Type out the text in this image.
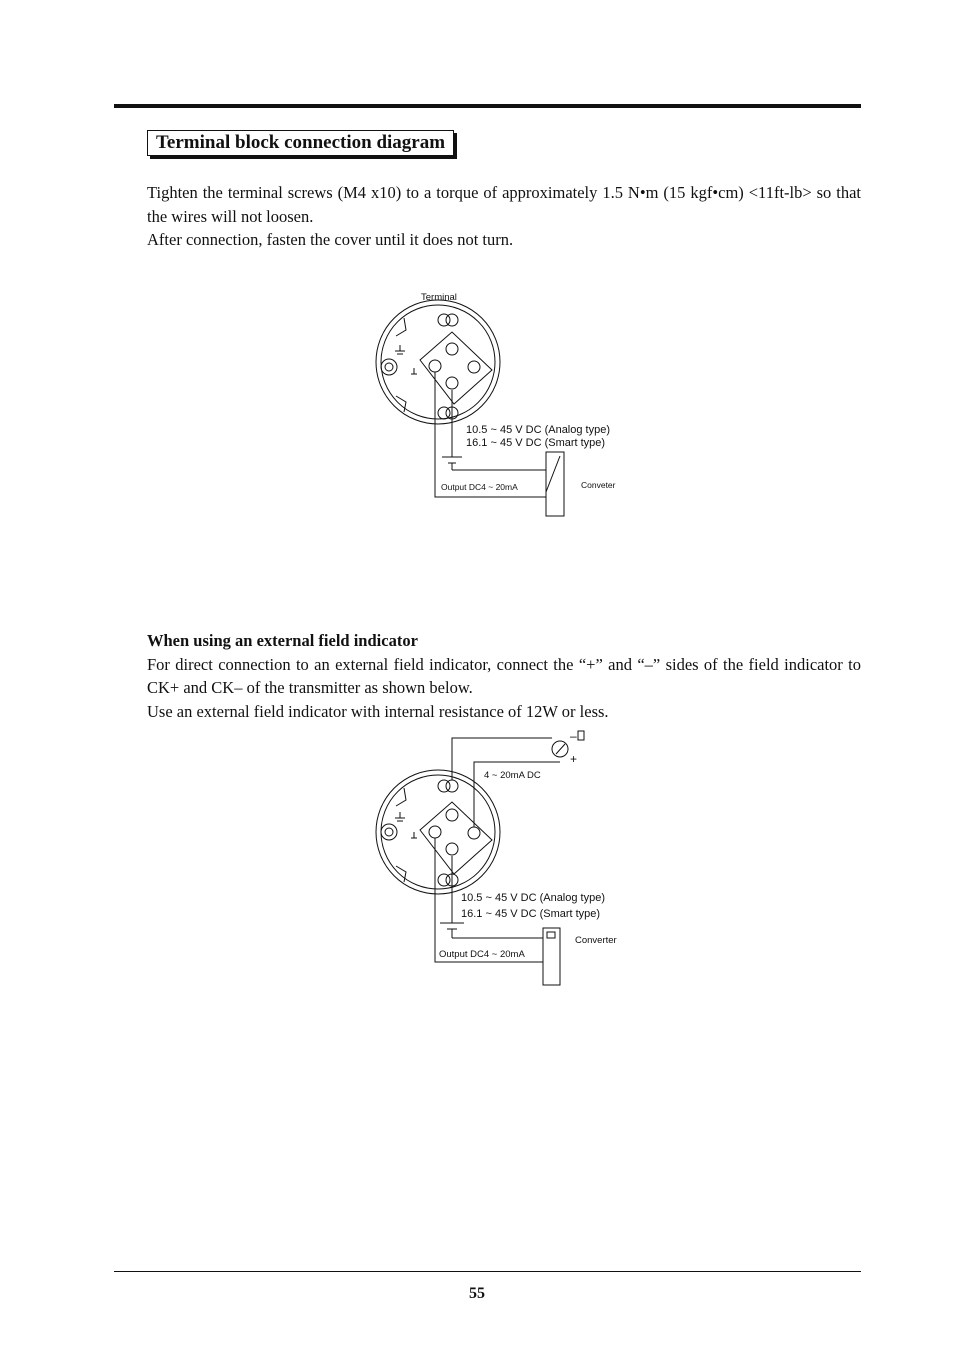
Terminal block connection diagram

Tighten the terminal screws (M4 x10) to a torque of approximately 1.5 N•m (15 kgf•cm) <11ft-lb> so that the wires will not loosen.

After connection, fasten the cover until it does not turn.

Terminal
10.5 ~ 45 V DC (Analog type)
16.1 ~ 45 V DC (Smart type)
Output DC4 ~ 20mA	Conveter

When using an external field indicator

For direct connection to an external field indicator, connect the “+” and “–” sides of the field indicator to CK+ and CK– of the transmitter as shown below.

Use an external field indicator with internal resistance of 12W or less.

–
+
4 ~ 20mA DC
10.5 ~ 45 V DC (Analog type)
16.1 ~ 45 V DC (Smart type)
Output DC4 ~ 20mA
Converter
55
